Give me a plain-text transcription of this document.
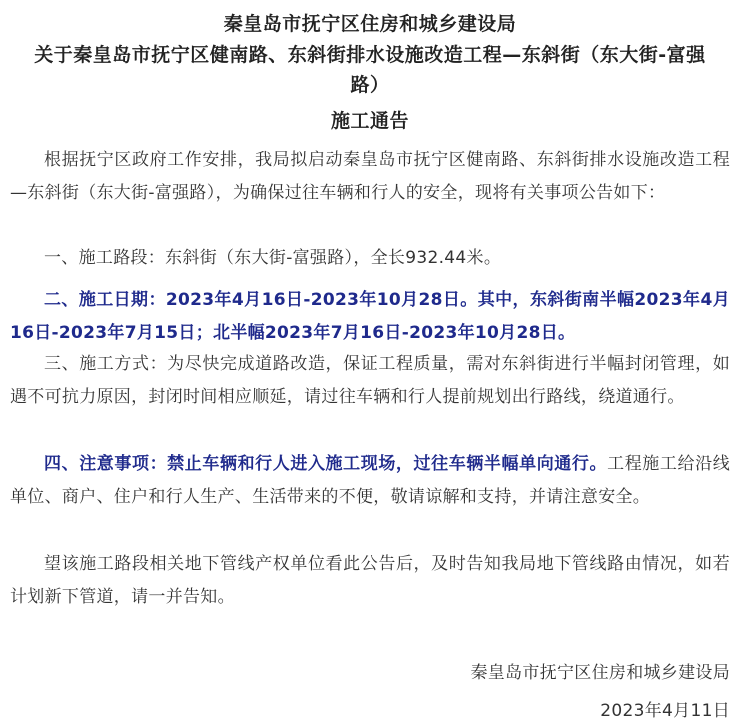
秦皇岛市抚宁区住房和城乡建设局
关于秦皇岛市抚宁区健南路、东斜街排水设施改造工程—东斜街（东大街-富强路）
施工通告

根据抚宁区政府工作安排，我局拟启动秦皇岛市抚宁区健南路、东斜街排水设施改造工程—东斜街（东大街-富强路），为确保过往车辆和行人的安全，现将有关事项公告如下：

一、施工路段：东斜街（东大街-富强路），全长932.44米。

二、施工日期：2023年4月16日-2023年10月28日。其中，东斜街南半幅2023年4月16日-2023年7月15日；北半幅2023年7月16日-2023年10月28日。

三、施工方式：为尽快完成道路改造，保证工程质量，需对东斜街进行半幅封闭管理，如遇不可抗力原因，封闭时间相应顺延，请过往车辆和行人提前规划出行路线，绕道通行。

四、注意事项：禁止车辆和行人进入施工现场，过往车辆半幅单向通行。工程施工给沿线单位、商户、住户和行人生产、生活带来的不便，敬请谅解和支持，并请注意安全。

望该施工路段相关地下管线产权单位看此公告后，及时告知我局地下管线路由情况，如若计划新下管道，请一并告知。

秦皇岛市抚宁区住房和城乡建设局
2023年4月11日
